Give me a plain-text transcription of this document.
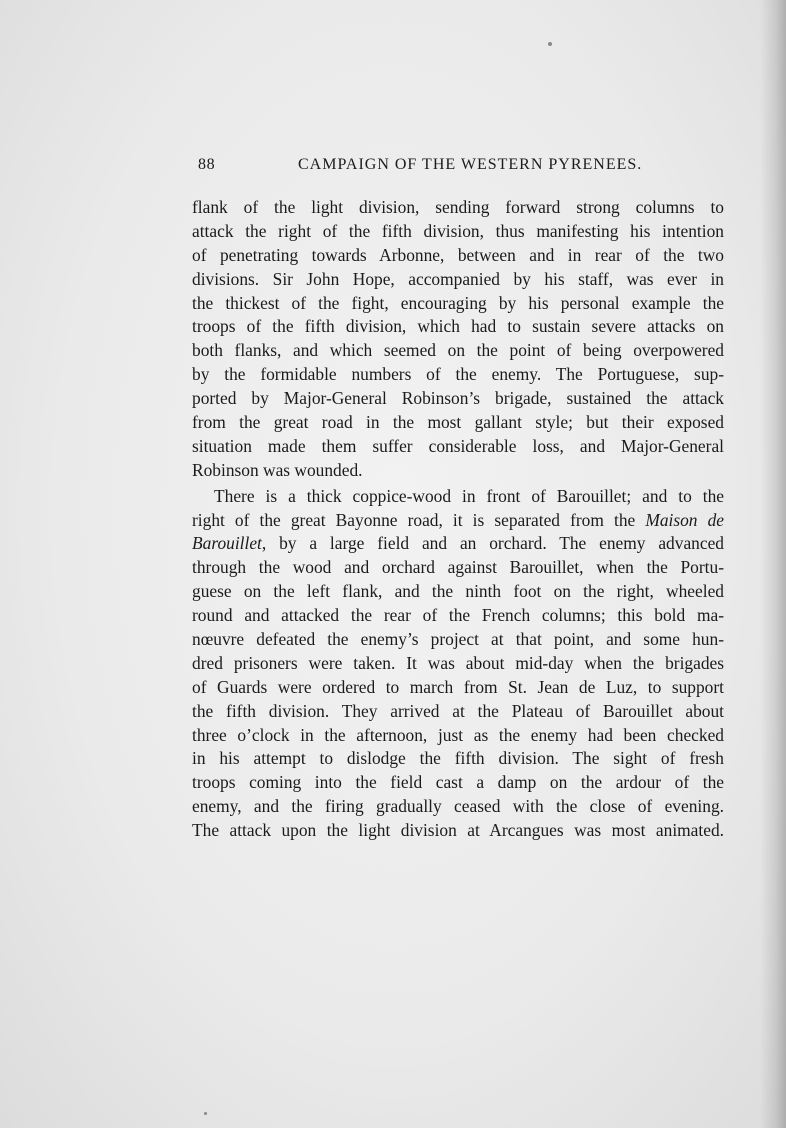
88	CAMPAIGN OF THE WESTERN PYRENEES.
flank of the light division, sending forward strong columns to
attack the right of the fifth division, thus manifesting his intention
of penetrating towards Arbonne, between and in rear of the two
divisions. Sir John Hope, accompanied by his staff, was ever in
the thickest of the fight, encouraging by his personal example the
troops of the fifth division, which had to sustain severe attacks on
both flanks, and which seemed on the point of being overpowered
by the formidable numbers of the enemy. The Portuguese, sup-
ported by Major-General Robinson’s brigade, sustained the attack
from the great road in the most gallant style; but their exposed
situation made them suffer considerable loss, and Major-General
Robinson was wounded.
There is a thick coppice-wood in front of Barouillet; and to the
right of the great Bayonne road, it is separated from the Maison de
Barouillet, by a large field and an orchard. The enemy advanced
through the wood and orchard against Barouillet, when the Portu-
guese on the left flank, and the ninth foot on the right, wheeled
round and attacked the rear of the French columns; this bold ma-
nœuvre defeated the enemy’s project at that point, and some hun-
dred prisoners were taken. It was about mid-day when the brigades
of Guards were ordered to march from St. Jean de Luz, to support
the fifth division. They arrived at the Plateau of Barouillet about
three o’clock in the afternoon, just as the enemy had been checked
in his attempt to dislodge the fifth division. The sight of fresh
troops coming into the field cast a damp on the ardour of the
enemy, and the firing gradually ceased with the close of evening.
The attack upon the light division at Arcangues was most animated.
